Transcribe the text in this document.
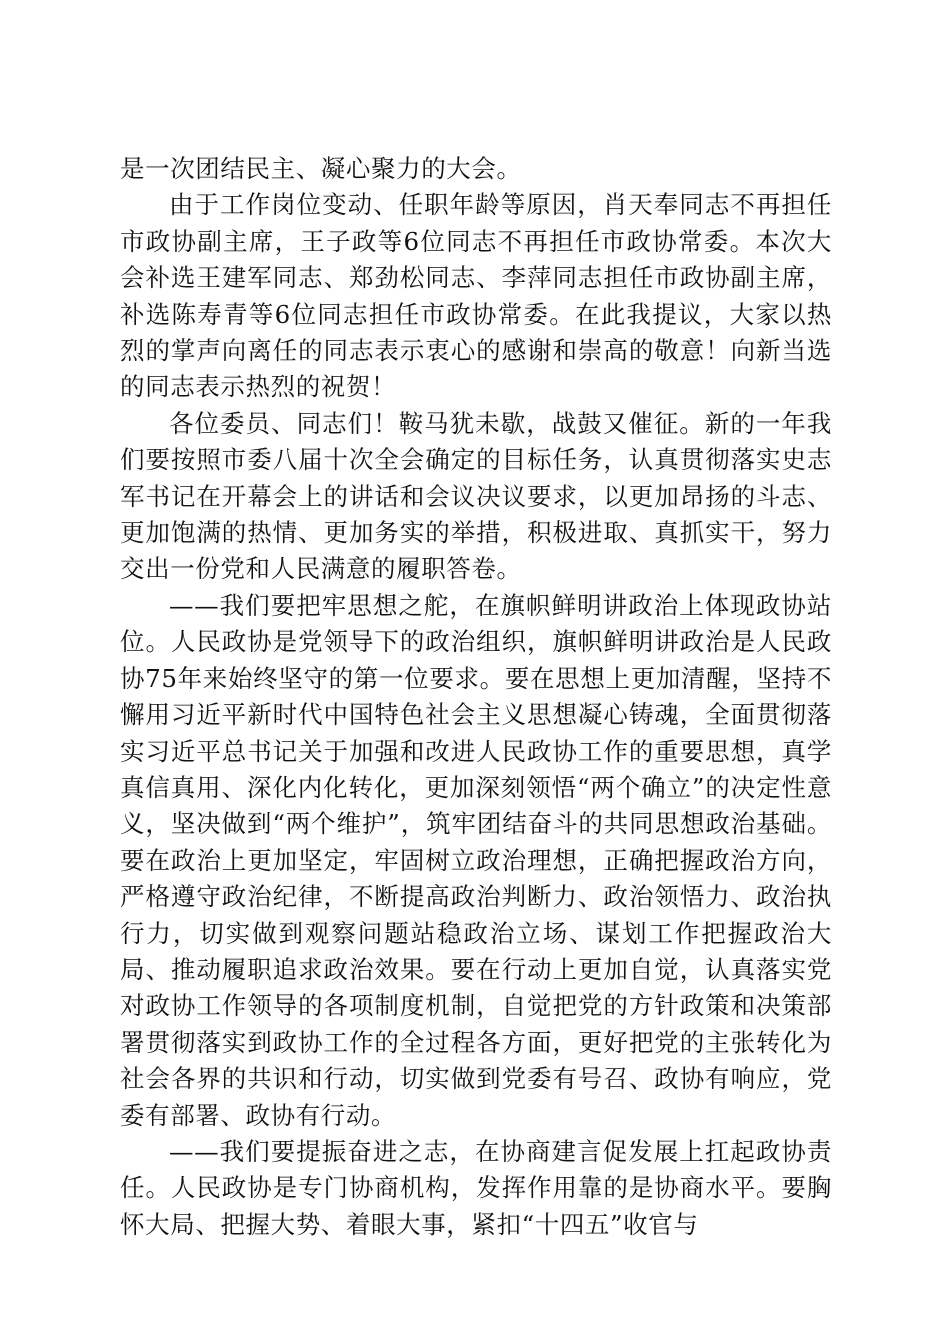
是一次团结民主、凝心聚力的大会。

由于工作岗位变动、任职年龄等原因，肖天奉同志不再担任市政协副主席，王子政等6位同志不再担任市政协常委。本次大会补选王建军同志、郑劲松同志、李萍同志担任市政协副主席，补选陈寿青等6位同志担任市政协常委。在此我提议，大家以热烈的掌声向离任的同志表示衷心的感谢和崇高的敬意！向新当选的同志表示热烈的祝贺！

各位委员、同志们！鞍马犹未歇，战鼓又催征。新的一年我们要按照市委八届十次全会确定的目标任务，认真贯彻落实史志军书记在开幕会上的讲话和会议决议要求，以更加昂扬的斗志、更加饱满的热情、更加务实的举措，积极进取、真抓实干，努力交出一份党和人民满意的履职答卷。

——我们要把牢思想之舵，在旗帜鲜明讲政治上体现政协站位。人民政协是党领导下的政治组织，旗帜鲜明讲政治是人民政协75年来始终坚守的第一位要求。要在思想上更加清醒，坚持不懈用习近平新时代中国特色社会主义思想凝心铸魂，全面贯彻落实习近平总书记关于加强和改进人民政协工作的重要思想，真学真信真用、深化内化转化，更加深刻领悟“两个确立”的决定性意义，坚决做到“两个维护”，筑牢团结奋斗的共同思想政治基础。要在政治上更加坚定，牢固树立政治理想，正确把握政治方向，严格遵守政治纪律，不断提高政治判断力、政治领悟力、政治执行力，切实做到观察问题站稳政治立场、谋划工作把握政治大局、推动履职追求政治效果。要在行动上更加自觉，认真落实党对政协工作领导的各项制度机制，自觉把党的方针政策和决策部署贯彻落实到政协工作的全过程各方面，更好把党的主张转化为社会各界的共识和行动，切实做到党委有号召、政协有响应，党委有部署、政协有行动。

——我们要提振奋进之志，在协商建言促发展上扛起政协责任。人民政协是专门协商机构，发挥作用靠的是协商水平。要胸怀大局、把握大势、着眼大事，紧扣“十四五”收官与
